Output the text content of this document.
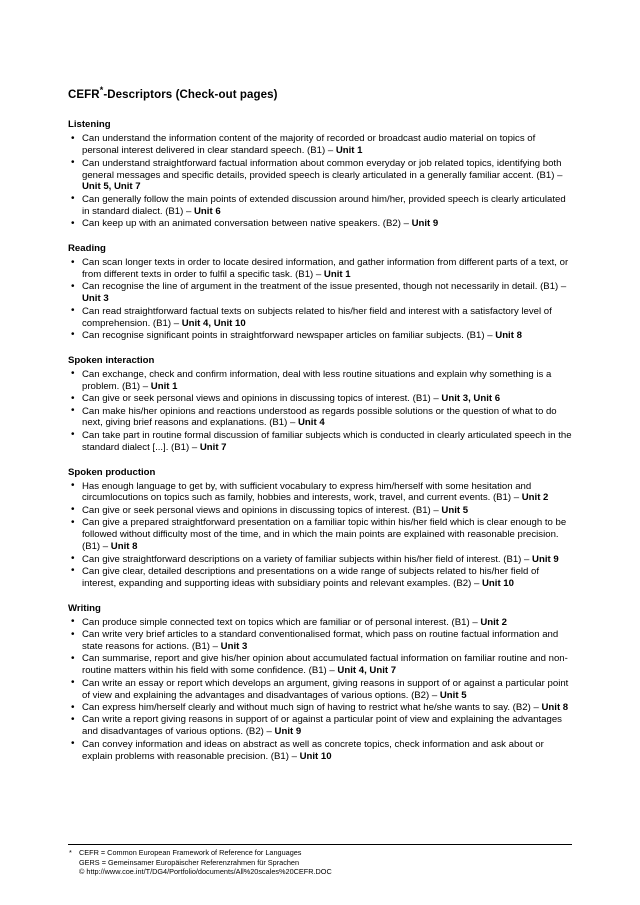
CEFR*-Descriptors (Check-out pages)
Listening
• Can understand the information content of the majority of recorded or broadcast audio material on topics of personal interest delivered in clear standard speech. (B1) – Unit 1
• Can understand straightforward factual information about common everyday or job related topics, identifying both general messages and specific details, provided speech is clearly articulated in a generally familiar accent. (B1) – Unit 5, Unit 7
• Can generally follow the main points of extended discussion around him/her, provided speech is clearly articulated in standard dialect. (B1) – Unit 6
• Can keep up with an animated conversation between native speakers. (B2) – Unit 9
Reading
• Can scan longer texts in order to locate desired information, and gather information from different parts of a text, or from different texts in order to fulfil a specific task. (B1) – Unit 1
• Can recognise the line of argument in the treatment of the issue presented, though not necessarily in detail. (B1) – Unit 3
• Can read straightforward factual texts on subjects related to his/her field and interest with a satisfactory level of comprehension. (B1) – Unit 4, Unit 10
• Can recognise significant points in straightforward newspaper articles on familiar subjects. (B1) – Unit 8
Spoken interaction
• Can exchange, check and confirm information, deal with less routine situations and explain why something is a problem. (B1) – Unit 1
• Can give or seek personal views and opinions in discussing topics of interest. (B1) – Unit 3, Unit 6
• Can make his/her opinions and reactions understood as regards possible solutions or the question of what to do next, giving brief reasons and explanations. (B1) – Unit 4
• Can take part in routine formal discussion of familiar subjects which is conducted in clearly articulated speech in the standard dialect [...]. (B1) – Unit 7
Spoken production
• Has enough language to get by, with sufficient vocabulary to express him/herself with some hesitation and circumlocutions on topics such as family, hobbies and interests, work, travel, and current events. (B1) – Unit 2
• Can give or seek personal views and opinions in discussing topics of interest. (B1) – Unit 5
• Can give a prepared straightforward presentation on a familiar topic within his/her field which is clear enough to be followed without difficulty most of the time, and in which the main points are explained with reasonable precision. (B1) – Unit 8
• Can give straightforward descriptions on a variety of familiar subjects within his/her field of interest. (B1) – Unit 9
• Can give clear, detailed descriptions and presentations on a wide range of subjects related to his/her field of interest, expanding and supporting ideas with subsidiary points and relevant examples. (B2) – Unit 10
Writing
• Can produce simple connected text on topics which are familiar or of personal interest. (B1) – Unit 2
• Can write very brief articles to a standard conventionalised format, which pass on routine factual information and state reasons for actions. (B1) – Unit 3
• Can summarise, report and give his/her opinion about accumulated factual information on familiar routine and non-routine matters within his field with some confidence. (B1) – Unit 4, Unit 7
• Can write an essay or report which develops an argument, giving reasons in support of or against a particular point of view and explaining the advantages and disadvantages of various options. (B2) – Unit 5
• Can express him/herself clearly and without much sign of having to restrict what he/she wants to say. (B2) – Unit 8
• Can write a report giving reasons in support of or against a particular point of view and explaining the advantages and disadvantages of various options. (B2) – Unit 9
• Can convey information and ideas on abstract as well as concrete topics, check information and ask about or explain problems with reasonable precision. (B1) – Unit 10
* CEFR = Common European Framework of Reference for Languages
GERS = Gemeinsamer Europäischer Referenzrahmen für Sprachen
© http://www.coe.int/T/DG4/Portfolio/documents/All%20scales%20CEFR.DOC
